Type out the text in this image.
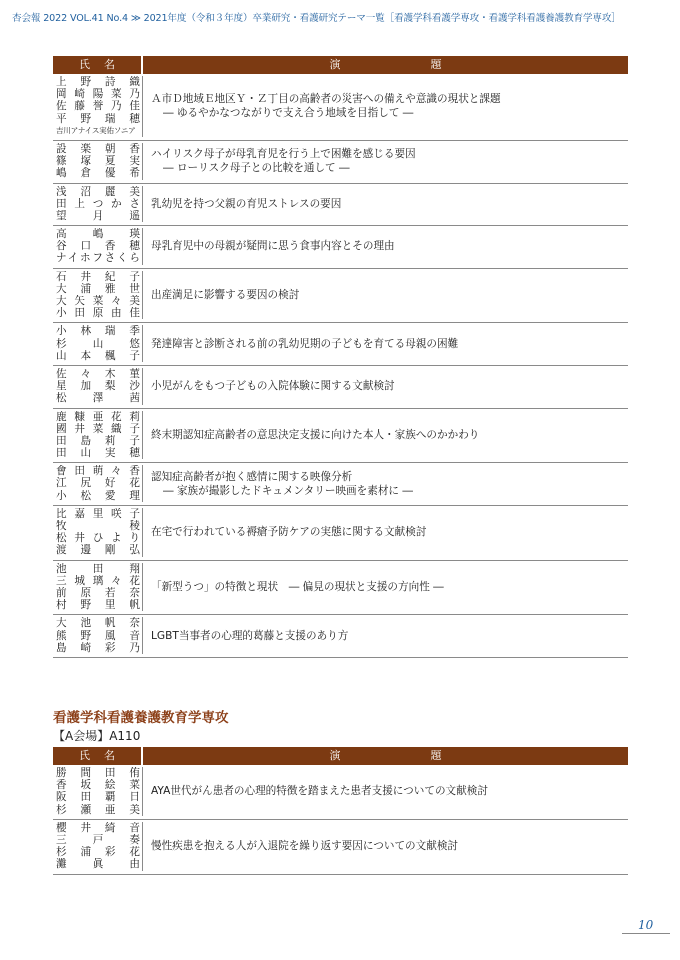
杏会報 2022 VOL.41 No.4 ≫ 2021年度（令和３年度）卒業研究・看護研究テーマ一覧［看護学科看護学専攻・看護学科看護養護教育学専攻］
氏名	演題
上野詩織
岡崎陽菜乃
佐藤誉乃佳
平野瑞穂
吉川アナイス実佑ソニア
Ａ市Ｄ地域Ｅ地区Ｙ・Ｚ丁目の高齢者の災害への備えや意識の現状と課題
― ゆるやかなつながりで支え合う地域を目指して ―
設楽朝香
篠塚夏実
嶋倉優希
ハイリスク母子が母乳育児を行う上で困難を感じる要因
― ローリスク母子との比較を通して ―
浅沼麗美
田上つかさ
望月遥
乳幼児を持つ父親の育児ストレスの要因
高嶋瑛
谷口香穂
ナイホフさくら
母乳育児中の母親が疑問に思う食事内容とその理由
石井紀子
大浦雅世
大矢菜々美
小田原由佳
出産満足に影響する要因の検討
小林瑞季
杉山悠
山本楓子
発達障害と診断される前の乳幼児期の子どもを育てる母親の困難
佐々木菫
星加梨沙
松澤茜
小児がんをもつ子どもの入院体験に関する文献検討
鹿糠亜花莉
國井菜織子
田島莉子
田山実穂
終末期認知症高齢者の意思決定支援に向けた本人・家族へのかかわり
會田萌々香
江尻好花
小松愛理
認知症高齢者が抱く感情に関する映像分析
― 家族が撮影したドキュメンタリー映画を素材に ―
比嘉里咲子
牧稜
松井ひより
渡邊剛弘
在宅で行われている褥瘡予防ケアの実態に関する文献検討
池田翔
三城璃々花
前原若奈
村野里帆
「新型うつ」の特徴と現状　― 偏見の現状と支援の方向性 ―
大池帆奈
熊野風音
島崎彩乃
LGBT当事者の心理的葛藤と支援のあり方
看護学科看護養護教育学専攻
【A会場】A110
氏名	演題
勝間田侑
香坂絵菜
阪田覇日
杉瀬亜美
AYA世代がん患者の心理的特徴を踏まえた患者支援についての文献検討
櫻井綺音
三戸奏
杉浦彩花
灘眞由
慢性疾患を抱える人が入退院を繰り返す要因についての文献検討
10
